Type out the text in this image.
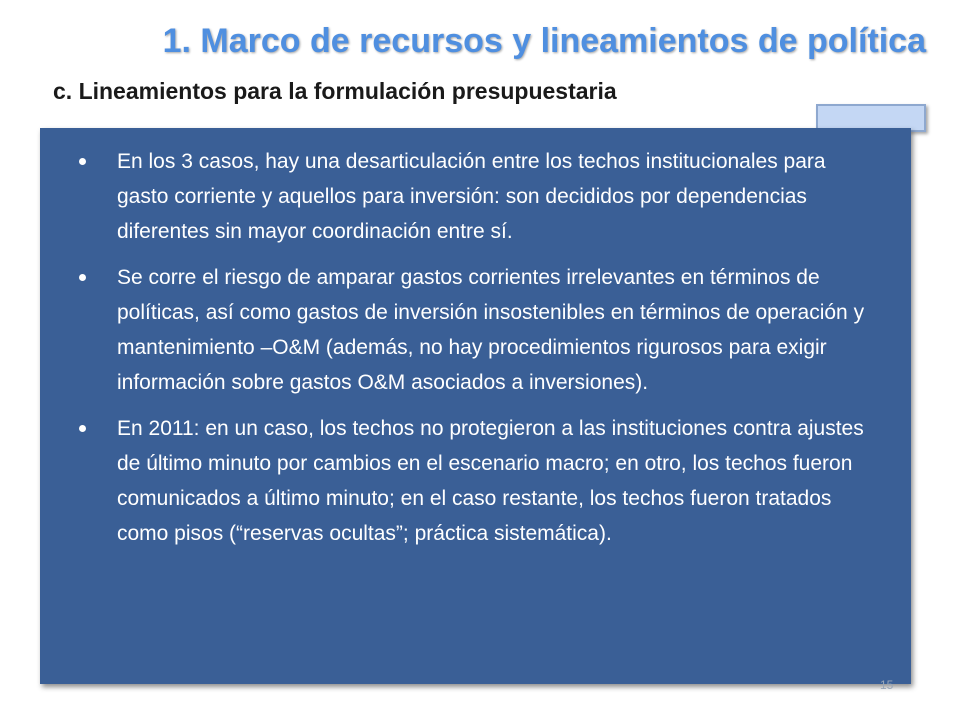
1. Marco de recursos y lineamientos de política
c. Lineamientos para la formulación presupuestaria
En los 3 casos, hay una desarticulación entre los techos institucionales para gasto corriente y aquellos para inversión: son decididos por dependencias diferentes sin mayor coordinación entre sí.
Se corre el riesgo de amparar gastos corrientes irrelevantes en términos de políticas, así como gastos de inversión insostenibles en términos de operación y mantenimiento –O&M (además, no hay procedimientos rigurosos para exigir información sobre gastos O&M asociados a inversiones).
En 2011: en un caso, los techos no protegieron a las instituciones contra ajustes de último minuto por cambios en el escenario macro; en otro, los techos fueron comunicados a último minuto; en el caso restante, los techos fueron tratados como pisos (“reservas ocultas”; práctica sistemática).
15
